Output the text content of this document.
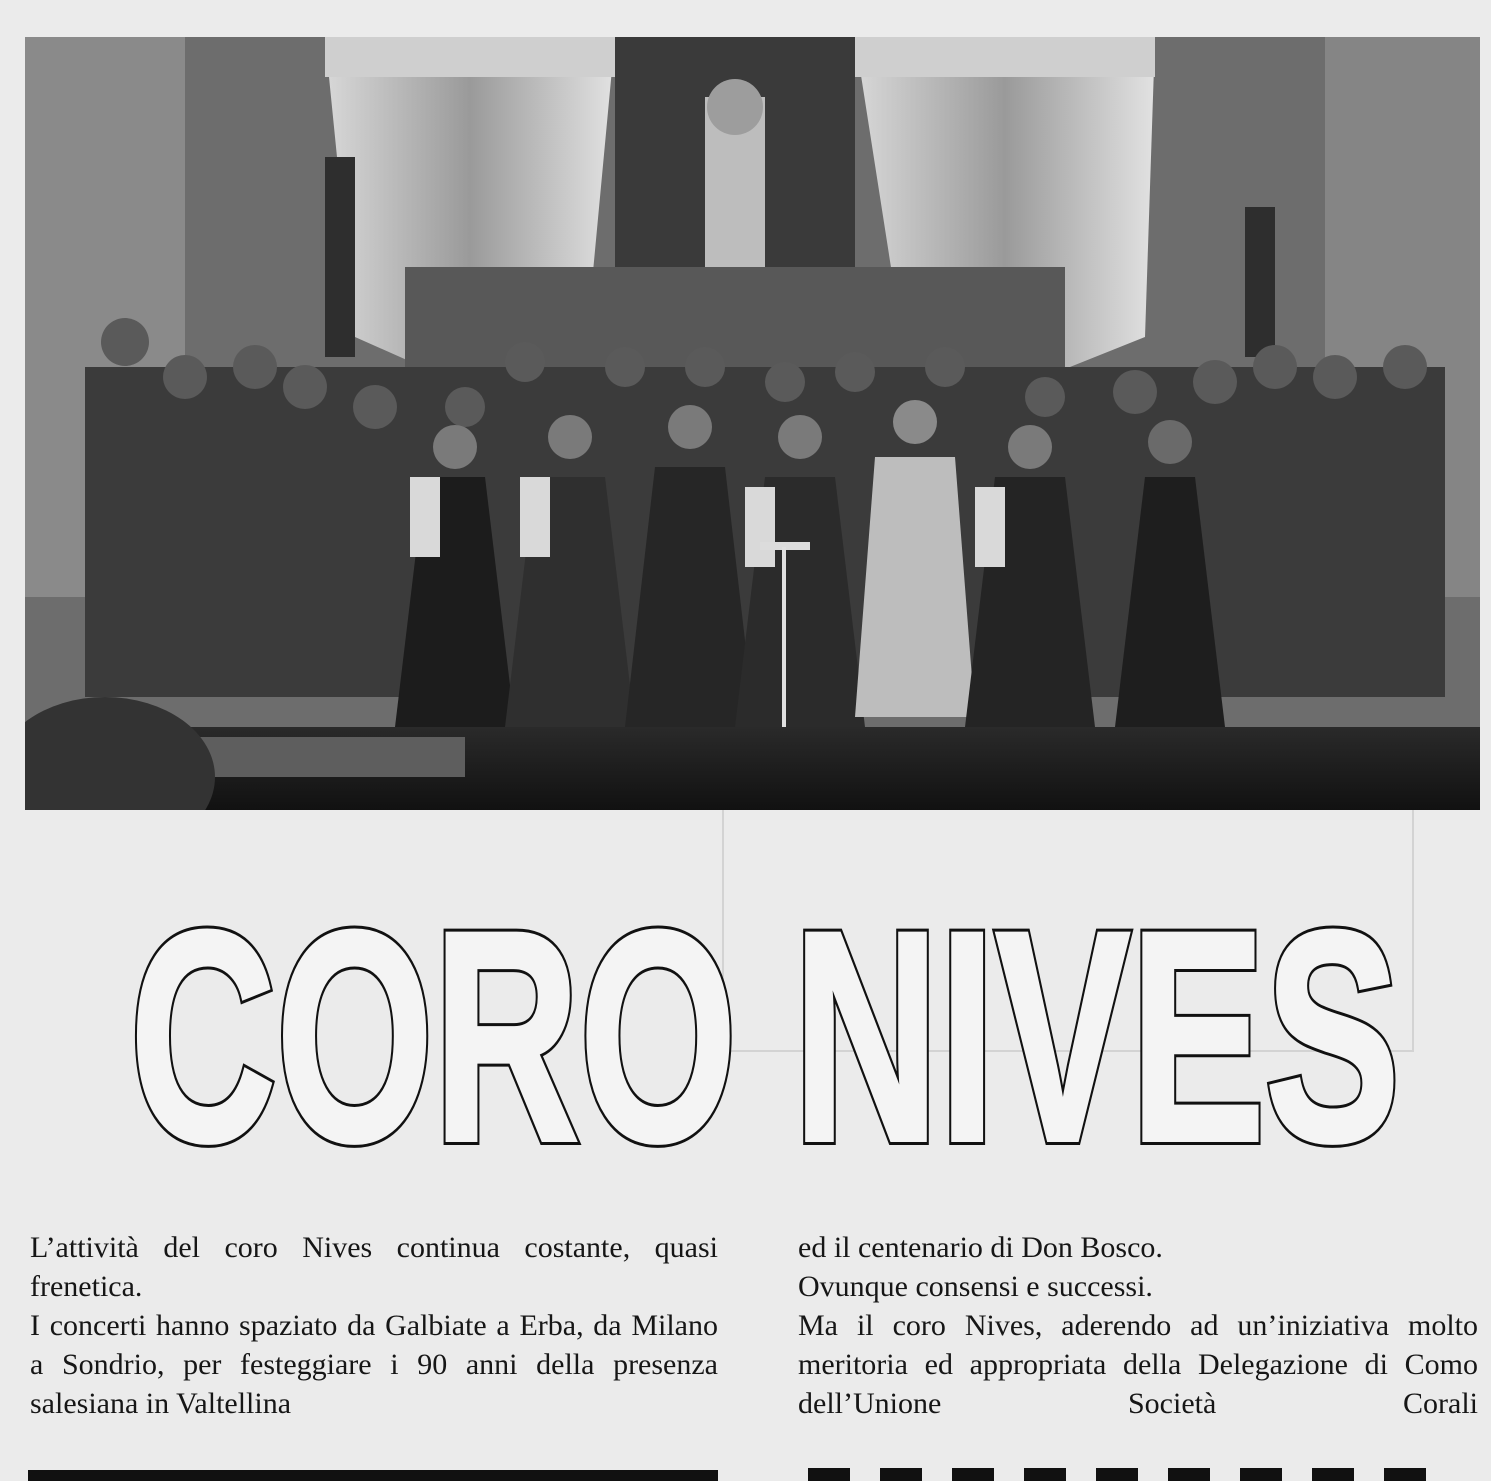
CORO NIVES
CORO NIVES

L’attività del coro Nives continua costante, quasi frenetica.

I concerti hanno spaziato da Galbiate a Erba, da Milano a Sondrio, per festeggiare i 90 anni della presenza salesiana in Valtellina

ed il centenario di Don Bosco.

Ovunque consensi e successi.

Ma il coro Nives, aderendo ad un’iniziativa molto meritoria ed appropriata della Delegazione di Como dell’Unione Società Corali
